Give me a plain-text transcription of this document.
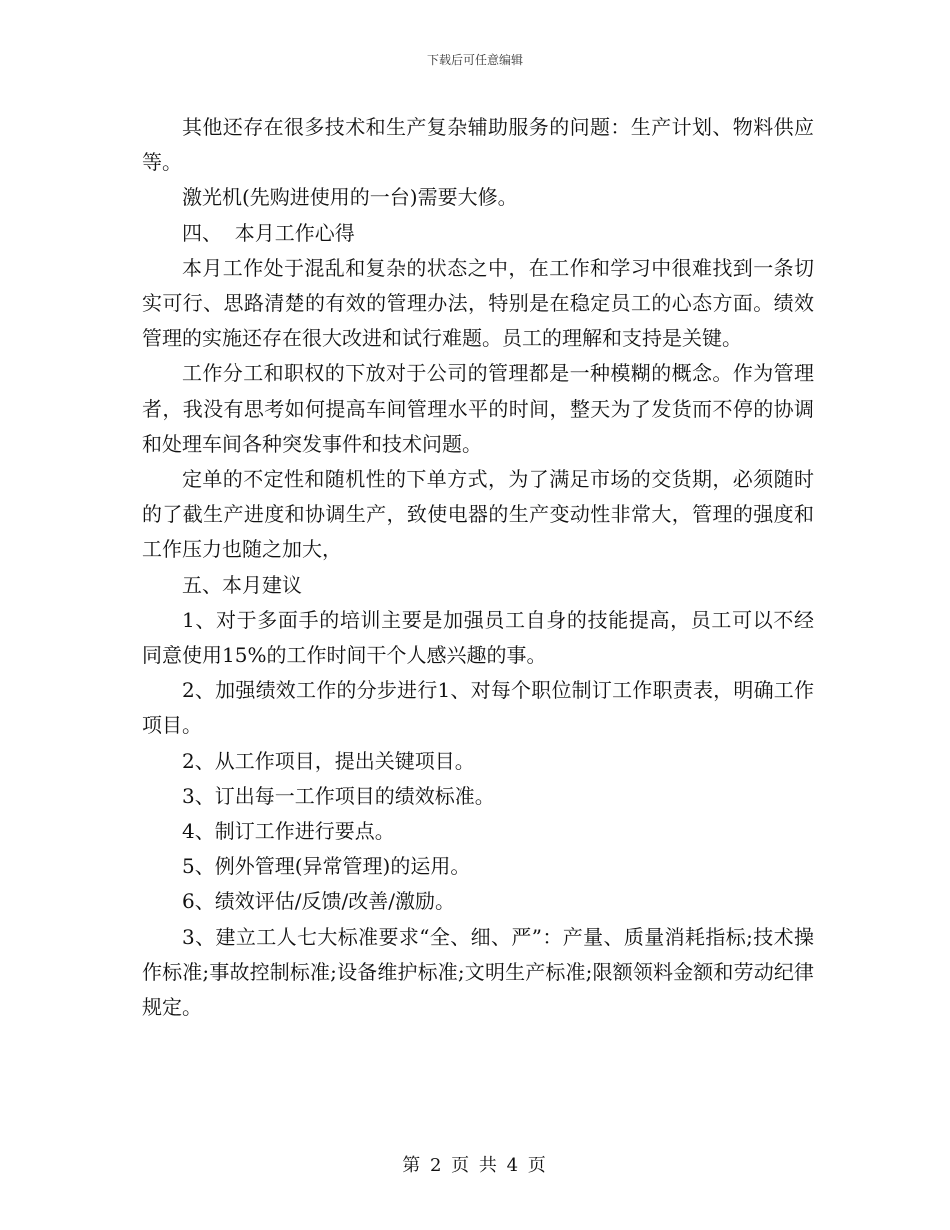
下载后可任意编辑

其他还存在很多技术和生产复杂辅助服务的问题：生产计划、物料供应等。

激光机(先购进使用的一台)需要大修。

四、  本月工作心得

本月工作处于混乱和复杂的状态之中，在工作和学习中很难找到一条切实可行、思路清楚的有效的管理办法，特别是在稳定员工的心态方面。绩效管理的实施还存在很大改进和试行难题。员工的理解和支持是关键。

工作分工和职权的下放对于公司的管理都是一种模糊的概念。作为管理者，我没有思考如何提高车间管理水平的时间，整天为了发货而不停的协调和处理车间各种突发事件和技术问题。

定单的不定性和随机性的下单方式，为了满足市场的交货期，必须随时的了截生产进度和协调生产，致使电器的生产变动性非常大，管理的强度和工作压力也随之加大，

五、本月建议

1、对于多面手的培训主要是加强员工自身的技能提高，员工可以不经同意使用15%的工作时间干个人感兴趣的事。

2、加强绩效工作的分步进行1、对每个职位制订工作职责表，明确工作项目。

2、从工作项目，提出关键项目。

3、订出每一工作项目的绩效标准。

4、制订工作进行要点。

5、例外管理(异常管理)的运用。

6、绩效评估/反馈/改善/激励。

3、建立工人七大标准要求“全、细、严”：产量、质量消耗指标;技术操作标准;事故控制标准;设备维护标准;文明生产标准;限额领料金额和劳动纪律规定。

第 2 页 共 4 页
